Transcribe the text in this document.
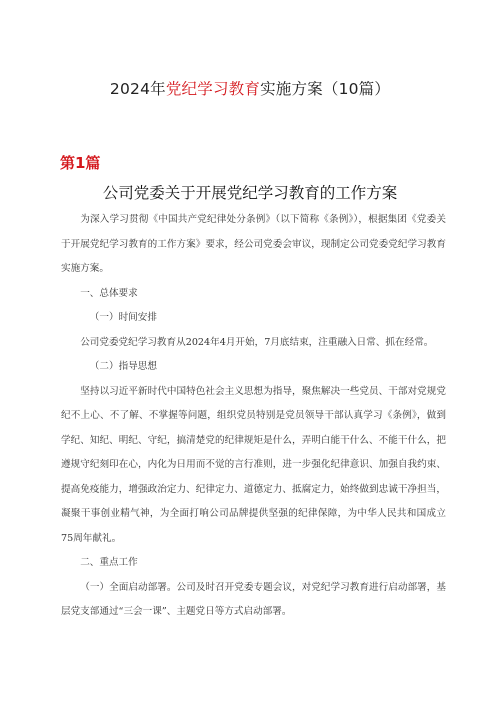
2024年党纪学习教育实施方案（10篇）
第1篇
公司党委关于开展党纪学习教育的工作方案

为深入学习贯彻《中国共产党纪律处分条例》（以下简称《条例》），根据集团《党委关于开展党纪学习教育的工作方案》要求，经公司党委会审议，现制定公司党委党纪学习教育实施方案。

一、总体要求

（一）时间安排

公司党委党纪学习教育从2024年4月开始，7月底结束，注重融入日常、抓在经常。

（二）指导思想

坚持以习近平新时代中国特色社会主义思想为指导，聚焦解决一些党员、干部对党规党纪不上心、不了解、不掌握等问题，组织党员特别是党员领导干部认真学习《条例》，做到学纪、知纪、明纪、守纪，搞清楚党的纪律规矩是什么，弄明白能干什么、不能干什么，把遵规守纪刻印在心，内化为日用而不觉的言行准则，进一步强化纪律意识、加强自我约束、提高免疫能力，增强政治定力、纪律定力、道德定力、抵腐定力，始终做到忠诚干净担当，凝聚干事创业精气神，为全面打响公司品牌提供坚强的纪律保障，为中华人民共和国成立75周年献礼。

二、重点工作

（一）全面启动部署。公司及时召开党委专题会议，对党纪学习教育进行启动部署，基层党支部通过“三会一课”、主题党日等方式启动部署。
